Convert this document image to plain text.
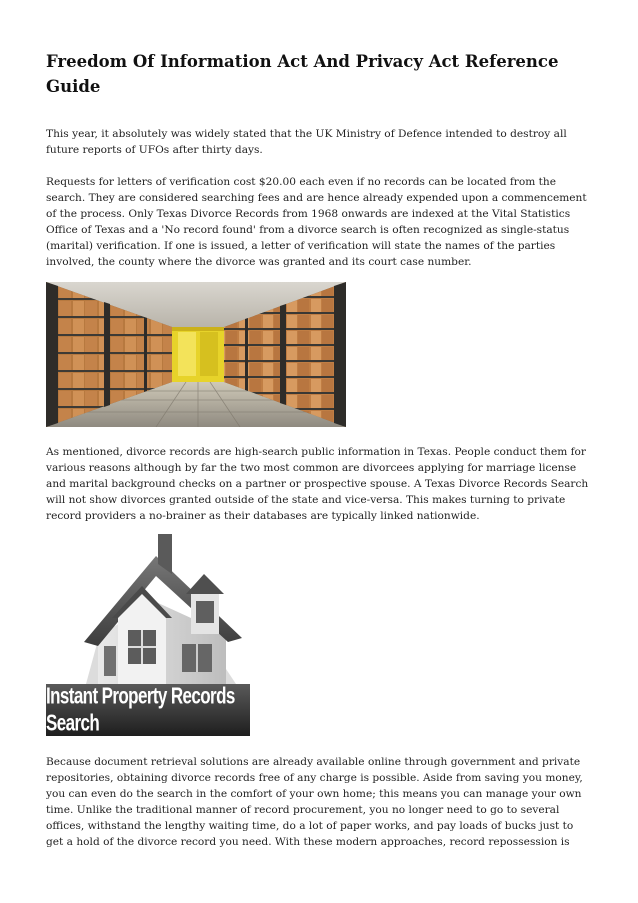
Freedom Of Information Act And Privacy Act Reference Guide

This year, it absolutely was widely stated that the UK Ministry of Defence intended to destroy all future reports of UFOs after thirty days.

Requests for letters of verification cost $20.00 each even if no records can be located from the search. They are considered searching fees and are hence already expended upon a commencement of the process. Only Texas Divorce Records from 1968 onwards are indexed at the Vital Statistics Office of Texas and a 'No record found' from a divorce search is often recognized as single-status (marital) verification. If one is issued, a letter of verification will state the names of the parties involved, the county where the divorce was granted and its court case number.

As mentioned, divorce records are high-search public information in Texas. People conduct them for various reasons although by far the two most common are divorcees applying for marriage license and marital background checks on a partner or prospective spouse. A Texas Divorce Records Search will not show divorces granted outside of the state and vice-versa. This makes turning to private record providers a no-brainer as their databases are typically linked nationwide.

Instant Property Records Search

Because document retrieval solutions are already available online through government and private repositories, obtaining divorce records free of any charge is possible. Aside from saving you money, you can even do the search in the comfort of your own home; this means you can manage your own time. Unlike the traditional manner of record procurement, you no longer need to go to several offices, withstand the lengthy waiting time, do a lot of paper works, and pay loads of bucks just to get a hold of the divorce record you need. With these modern approaches, record repossession is
